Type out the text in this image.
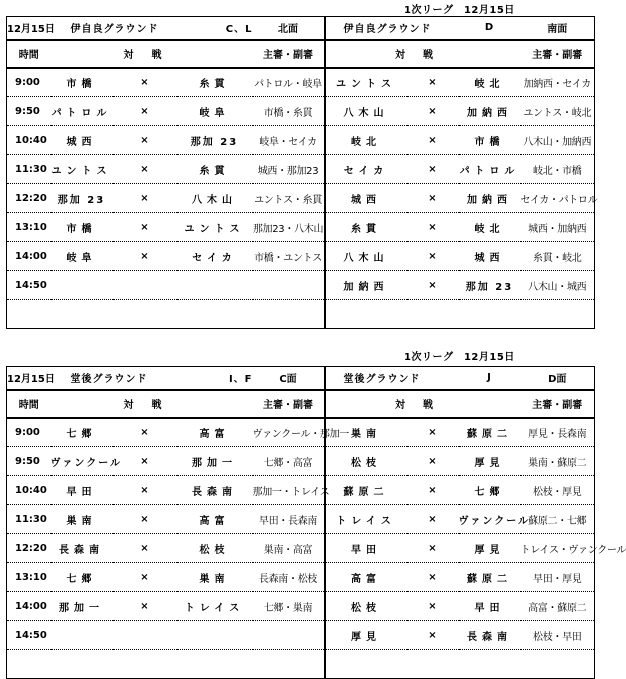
1次リーグ　12月15日
12月15日	伊自良グラウンド		C、L	北面	伊自良グラウンド		D	南面
時間	対戦			主審・副審	対戦			主審・副審
9:00	市橋	×	糸貫	パトロル・岐阜	ユントス	×	岐北	加納西・セイカ
9:50	パトロル	×	岐阜	市橋・糸貫	八木山	×	加納西	ユントス・岐北
10:40	城西	×	那加 23	岐阜・セイカ	岐北	×	市橋	八木山・加納西
11:30	ユントス	×	糸貫	城西・那加23	セイカ	×	パトロル	岐北・市橋
12:20	那加 23	×	八木山	ユントス・糸貫	城西	×	加納西	セイカ・パトロル
13:10	市橋	×	ユントス	那加23・八木山	糸貫	×	岐北	城西・加納西
14:00	岐阜	×	セイカ	市橋・ユントス	八木山	×	城西	糸貫・岐北
14:50					加納西	×	那加 23	八木山・城西

1次リーグ　12月15日
12月15日	堂後グラウンド		I、F	C面	堂後グラウンド		J	D面
時間	対戦			主審・副審	対戦			主審・副審
9:00	七郷	×	高富	ヴァンクール・那加一	巣南	×	蘇原二	厚見・長森南
9:50	ヴァンクール	×	那加一	七郷・高富	松枝	×	厚見	巣南・蘇原二
10:40	早田	×	長森南	那加一・トレイス	蘇原二	×	七郷	松枝・厚見
11:30	巣南	×	高富	早田・長森南	トレイス	×	ヴァンクール	蘇原二・七郷
12:20	長森南	×	松枝	巣南・高富	早田	×	厚見	トレイス・ヴァンクール
13:10	七郷	×	巣南	長森南・松枝	高富	×	蘇原二	早田・厚見
14:00	那加一	×	トレイス	七郷・巣南	松枝	×	早田	高富・蘇原二
14:50					厚見	×	長森南	松枝・早田
